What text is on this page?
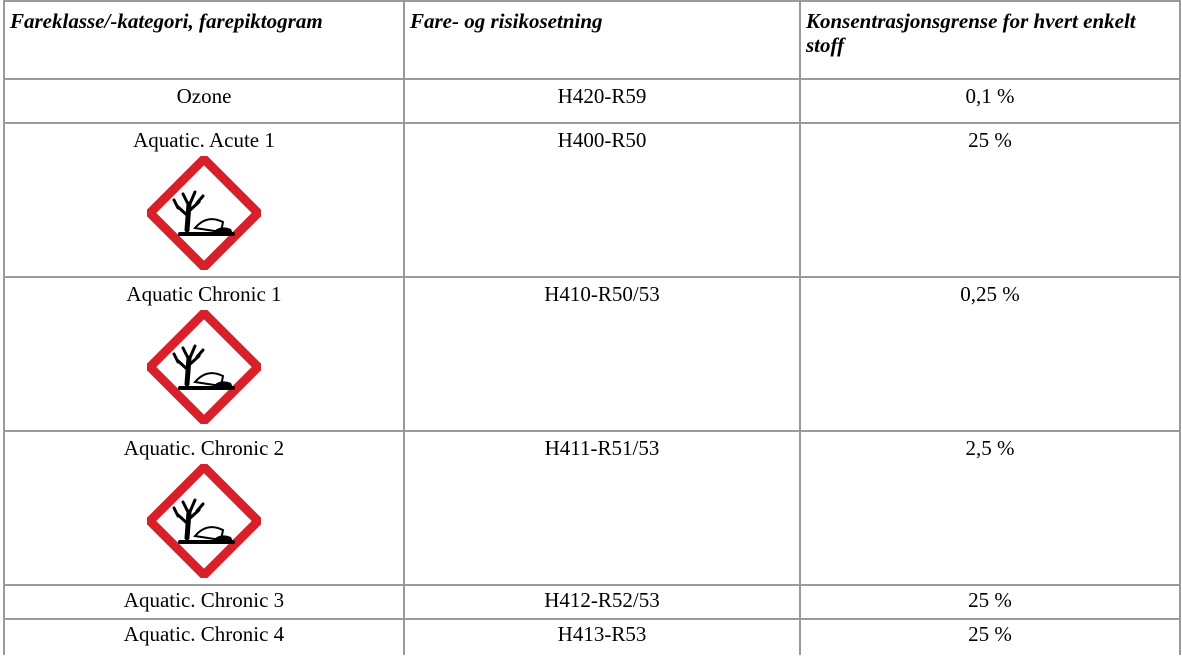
Fareklasse/-kategori, farepiktogram	Fare- og risikosetning	Konsentrasjonsgrense for hvert enkelt stoff

Ozone	H420-R59	0,1 %

Aquatic. Acute 1	H400-R50	25 %

Aquatic Chronic 1	H410-R50/53	0,25 %

Aquatic. Chronic 2	H411-R51/53	2,5 %

Aquatic. Chronic 3	H412-R52/53	25 %

Aquatic. Chronic 4	H413-R53	25 %
